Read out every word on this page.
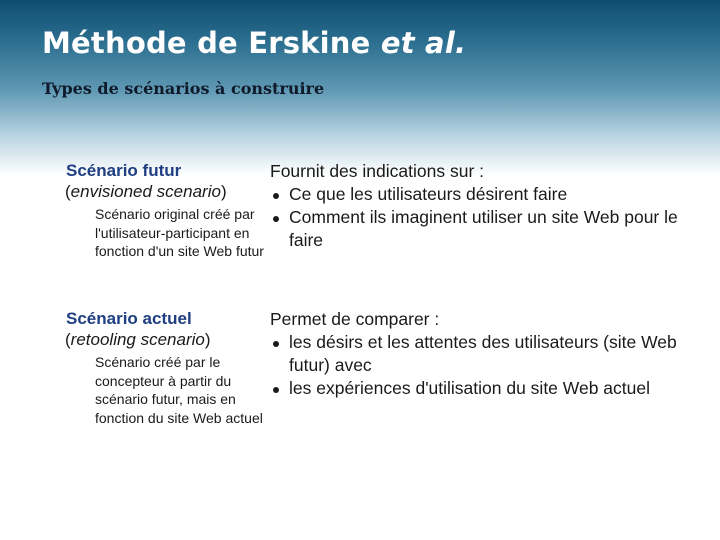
Méthode de Erskine et al.
Types de scénarios à construire
Scénario futur
(envisioned scenario)
Scénario original créé par l'utilisateur-participant en fonction d'un site Web futur
Fournit des indications sur :
Ce que les utilisateurs désirent faire
Comment ils imaginent utiliser un site Web pour le faire
Scénario actuel
(retooling scenario)
Scénario créé par le concepteur à partir du scénario futur, mais en fonction du site Web actuel
Permet de comparer :
les désirs et les attentes des utilisateurs (site Web futur) avec
les expériences d'utilisation du site Web actuel
